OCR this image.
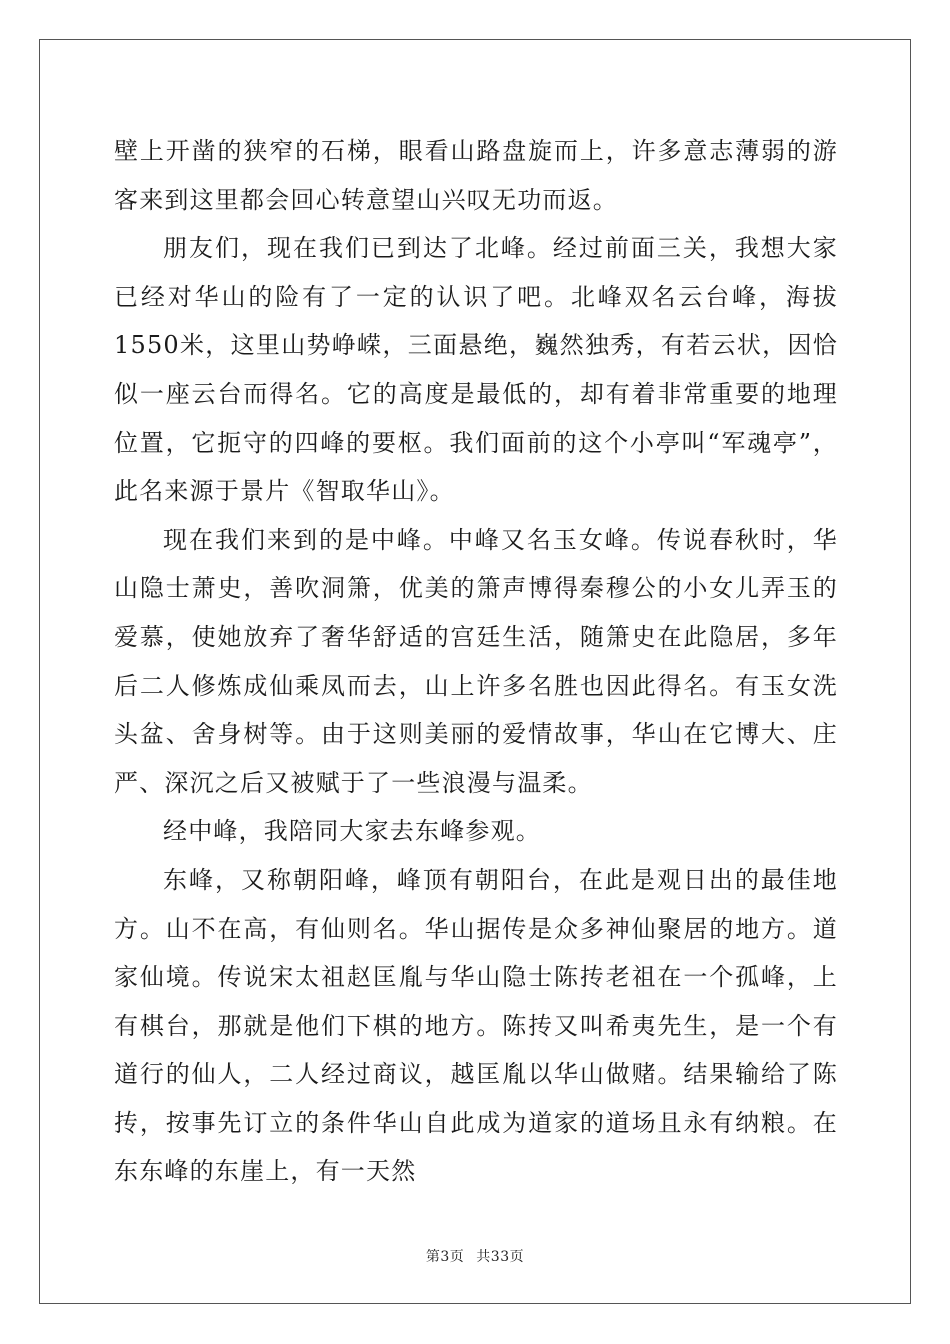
壁上开凿的狭窄的石梯，眼看山路盘旋而上，许多意志薄弱的游客来到这里都会回心转意望山兴叹无功而返。

朋友们，现在我们已到达了北峰。经过前面三关，我想大家已经对华山的险有了一定的认识了吧。北峰双名云台峰，海拔1550米，这里山势峥嵘，三面悬绝，巍然独秀，有若云状，因恰似一座云台而得名。它的高度是最低的，却有着非常重要的地理位置，它扼守的四峰的要枢。我们面前的这个小亭叫“军魂亭”，此名来源于景片《智取华山》。

现在我们来到的是中峰。中峰又名玉女峰。传说春秋时，华山隐士萧史，善吹洞箫，优美的箫声博得秦穆公的小女儿弄玉的爱慕，使她放弃了奢华舒适的宫廷生活，随箫史在此隐居，多年后二人修炼成仙乘凤而去，山上许多名胜也因此得名。有玉女洗头盆、舍身树等。由于这则美丽的爱情故事，华山在它博大、庄严、深沉之后又被赋于了一些浪漫与温柔。

经中峰，我陪同大家去东峰参观。

东峰，又称朝阳峰，峰顶有朝阳台，在此是观日出的最佳地方。山不在高，有仙则名。华山据传是众多神仙聚居的地方。道家仙境。传说宋太祖赵匡胤与华山隐士陈抟老祖在一个孤峰，上有棋台，那就是他们下棋的地方。陈抟又叫希夷先生，是一个有道行的仙人，二人经过商议，越匡胤以华山做赌。结果输给了陈抟，按事先订立的条件华山自此成为道家的道场且永有纳粮。在东东峰的东崖上，有一天然

第3页 共33页
